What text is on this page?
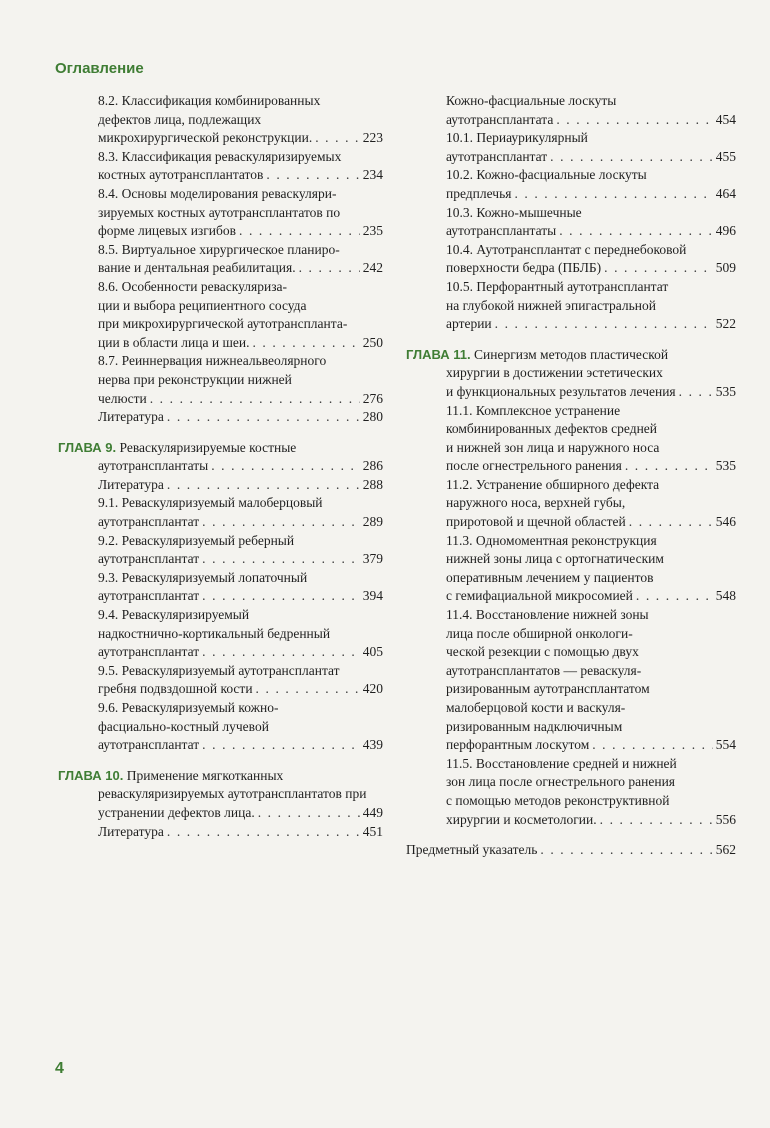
Оглавление
8.2. Классификация комбинированных
дефектов лица, подлежащих
микрохирургической реконструкции. . . .	223
8.3. Классификация реваскуляризируемых
костных аутотрансплантатов . . .	234
8.4. Основы моделирования реваскуляри-
зируемых костных аутотрансплантатов по
форме лицевых изгибов . . .	235
8.5. Виртуальное хирургическое планиро-
вание и дентальная реабилитация. . . .	242
8.6. Особенности реваскуляриза-
ции и выбора реципиентного сосуда
при микрохирургической аутотранспланта-
ции в области лица и шеи. . . .	250
8.7. Реиннервация нижнеальвеолярного
нерва при реконструкции нижней
челюсти . . .	276
Литература . . .	280
ГЛАВА 9. Реваскуляризируемые костные
аутотрансплантаты . . .	286
Литература . . .	288
9.1. Реваскуляризуемый малоберцовый
аутотрансплантат . . .	289
9.2. Реваскуляризуемый реберный
аутотрансплантат . . .	379
9.3. Реваскуляризуемый лопаточный
аутотрансплантат . . .	394
9.4. Реваскуляризируемый
надкостнично-кортикальный бедренный
аутотрансплантат . . .	405
9.5. Реваскуляризуемый аутотрансплантат
гребня подвздошной кости . . .	420
9.6. Реваскуляризуемый кожно-
фасциально-костный лучевой
аутотрансплантат . . .	439
ГЛАВА 10. Применение мягкотканных
реваскуляризируемых аутотрансплантатов при
устранении дефектов лица. . . .	449
Литература . . .	451
Кожно-фасциальные лоскуты
аутотрансплантата . . .	454
10.1. Периаурикулярный
аутотрансплантат . . .	455
10.2. Кожно-фасциальные лоскуты
предплечья . . .	464
10.3. Кожно-мышечные
аутотрансплантаты . . .	496
10.4. Аутотрансплантат с переднебоковой
поверхности бедра (ПБЛБ) . . .	509
10.5. Перфорантный аутотрансплантат
на глубокой нижней эпигастральной
артерии . . .	522
ГЛАВА 11. Синергизм методов пластической
хирургии в достижении эстетических
и функциональных результатов лечения . . .	535
11.1. Комплексное устранение
комбинированных дефектов средней
и нижней зон лица и наружного носа
после огнестрельного ранения . . .	535
11.2. Устранение обширного дефекта
наружного носа, верхней губы,
приротовой и щечной областей . . .	546
11.3. Одномоментная реконструкция
нижней зоны лица с ортогнатическим
оперативным лечением у пациентов
с гемифациальной микросомией . . .	548
11.4. Восстановление нижней зоны
лица после обширной онкологи-
ческой резекции с помощью двух
аутотрансплантатов — реваскуля-
ризированным аутотрансплантатом
малоберцовой кости и васкуля-
ризированным надключичным
перфорантным лоскутом . . .	554
11.5. Восстановление средней и нижней
зон лица после огнестрельного ранения
с помощью методов реконструктивной
хирургии и косметологии. . . .	556
Предметный указатель . . .	562
4
